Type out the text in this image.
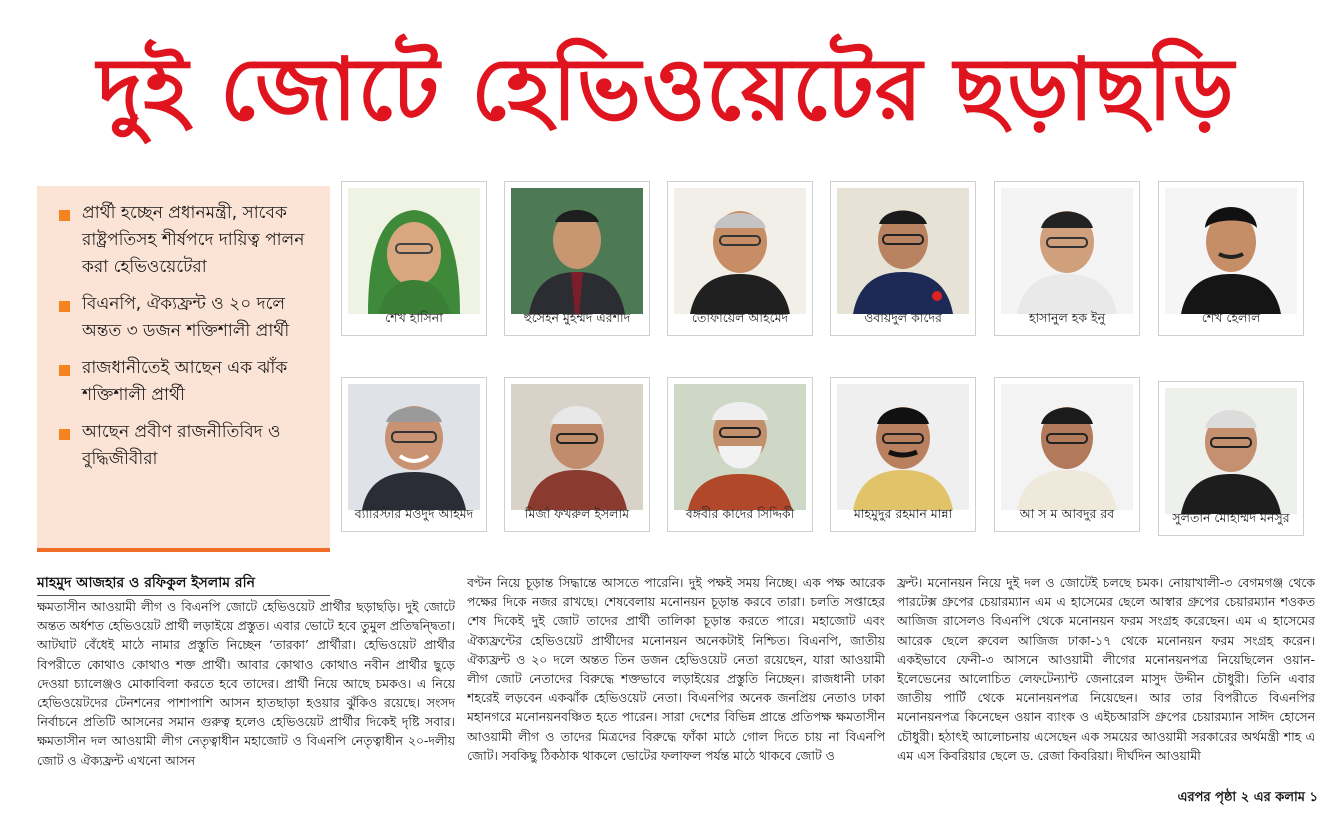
দুই জোটে হেভিওয়েটের ছড়াছড়ি
প্রার্থী হচ্ছেন প্রধানমন্ত্রী, সাবেক রাষ্ট্রপতিসহ শীর্ষপদে দায়িত্ব পালন করা হেভিওয়েটেরা
বিএনপি, ঐক্যফ্রন্ট ও ২০ দলে অন্তত ৩ ডজন শক্তিশালী প্রার্থী
রাজধানীতেই আছেন এক ঝাঁক শক্তিশালী প্রার্থী
আছেন প্রবীণ রাজনীতিবিদ ও বুদ্ধিজীবীরা
শেখ হাসিনা	হুসেইন মুহম্মদ এরশাদ	তোফায়েল আহমেদ	ওবায়দুল কাদের	হাসানুল হক ইনু	শেখ হেলাল
ব্যারিস্টার মওদুদ আহমদ	মির্জা ফখরুল ইসলাম	বঙ্গবীর কাদের সিদ্দিকী	মাহমুদুর রহমান মান্না	আ স ম আবদুর রব	সুলতান মোহাম্মদ মনসুর
মাহমুদ আজহার ও রফিকুল ইসলাম রনি
ক্ষমতাসীন আওয়ামী লীগ ও বিএনপি জোটে হেভিওয়েট প্রার্থীর ছড়াছড়ি। দুই জোটে অন্তত অর্ধশত হেভিওয়েট প্রার্থী লড়াইয়ে প্রস্তুত। এবার ভোটে হবে তুমুল প্রতিদ্বন্দ্বিতা। আটঘাট বেঁধেই মাঠে নামার প্রস্তুতি নিচ্ছেন ‘তারকা’ প্রার্থীরা। হেভিওয়েট প্রার্থীর বিপরীতে কোথাও কোথাও শক্ত প্রার্থী। আবার কোথাও কোথাও নবীন প্রার্থীর ছুড়ে দেওয়া চ্যালেঞ্জও মোকাবিলা করতে হবে তাদের। প্রার্থী নিয়ে আছে চমকও। এ নিয়ে হেভিওয়েটদের টেনশনের পাশাপাশি আসন হাতছাড়া হওয়ার ঝুঁকিও রয়েছে। সংসদ নির্বাচনে প্রতিটি আসনের সমান গুরুত্ব হলেও হেভিওয়েট প্রার্থীর দিকেই দৃষ্টি সবার। ক্ষমতাসীন দল আওয়ামী লীগ নেতৃত্বাধীন মহাজোট ও বিএনপি নেতৃত্বাধীন ২০-দলীয় জোট ও ঐক্যফ্রন্ট এখনো আসন
বণ্টন নিয়ে চূড়ান্ত সিদ্ধান্তে আসতে পারেনি। দুই পক্ষই সময় নিচ্ছে। এক পক্ষ আরেক পক্ষের দিকে নজর রাখছে। শেষবেলায় মনোনয়ন চূড়ান্ত করবে তারা। চলতি সপ্তাহের শেষ দিকেই দুই জোট তাদের প্রার্থী তালিকা চূড়ান্ত করতে পারে। মহাজোট এবং ঐক্যফ্রন্টের হেভিওয়েট প্রার্থীদের মনোনয়ন অনেকটাই নিশ্চিত। বিএনপি, জাতীয় ঐক্যফ্রন্ট ও ২০ দলে অন্তত তিন ডজন হেভিওয়েট নেতা রয়েছেন, যারা আওয়ামী লীগ জোট নেতাদের বিরুদ্ধে শক্তভাবে লড়াইয়ের প্রস্তুতি নিচ্ছেন। রাজধানী ঢাকা শহরেই লড়বেন একঝাঁক হেভিওয়েট নেতা। বিএনপির অনেক জনপ্রিয় নেতাও ঢাকা মহানগরে মনোনয়নবঞ্চিত হতে পারেন। সারা দেশের বিভিন্ন প্রান্তে প্রতিপক্ষ ক্ষমতাসীন আওয়ামী লীগ ও তাদের মিত্রদের বিরুদ্ধে ফাঁকা মাঠে গোল দিতে চায় না বিএনপি জোট। সবকিছু ঠিকঠাক থাকলে ভোটের ফলাফল পর্যন্ত মাঠে থাকবে জোট ও
ফ্রন্ট। মনোনয়ন নিয়ে দুই দল ও জোটেই চলছে চমক। নোয়াখালী-৩ বেগমগঞ্জ থেকে পারটেক্স গ্রুপের চেয়ারম্যান এম এ হাসেমের ছেলে আস্বার গ্রুপের চেয়ারম্যান শওকত আজিজ রাসেলও বিএনপি থেকে মনোনয়ন ফরম সংগ্রহ করেছেন। এম এ হাসেমের আরেক ছেলে রুবেল আজিজ ঢাকা-১৭ থেকে মনোনয়ন ফরম সংগ্রহ করেন। একইভাবে ফেনী-৩ আসনে আওয়ামী লীগের মনোনয়নপত্র নিয়েছিলেন ওয়ান-ইলেভেনের আলোচিত লেফটেন্যান্ট জেনারেল মাসুদ উদ্দীন চৌধুরী। তিনি এবার জাতীয় পার্টি থেকে মনোনয়নপত্র নিয়েছেন। আর তার বিপরীতে বিএনপির মনোনয়নপত্র কিনেছেন ওয়ান ব্যাংক ও এইচআরসি গ্রুপের চেয়ারম্যান সাঈদ হোসেন চৌধুরী। হঠাৎই আলোচনায় এসেছেন এক সময়ের আওয়ামী সরকারের অর্থমন্ত্রী শাহ এ এম এস কিবরিয়ার ছেলে ড. রেজা কিবরিয়া। দীর্ঘদিন আওয়ামী
এরপর পৃষ্ঠা ২ এর কলাম ১
